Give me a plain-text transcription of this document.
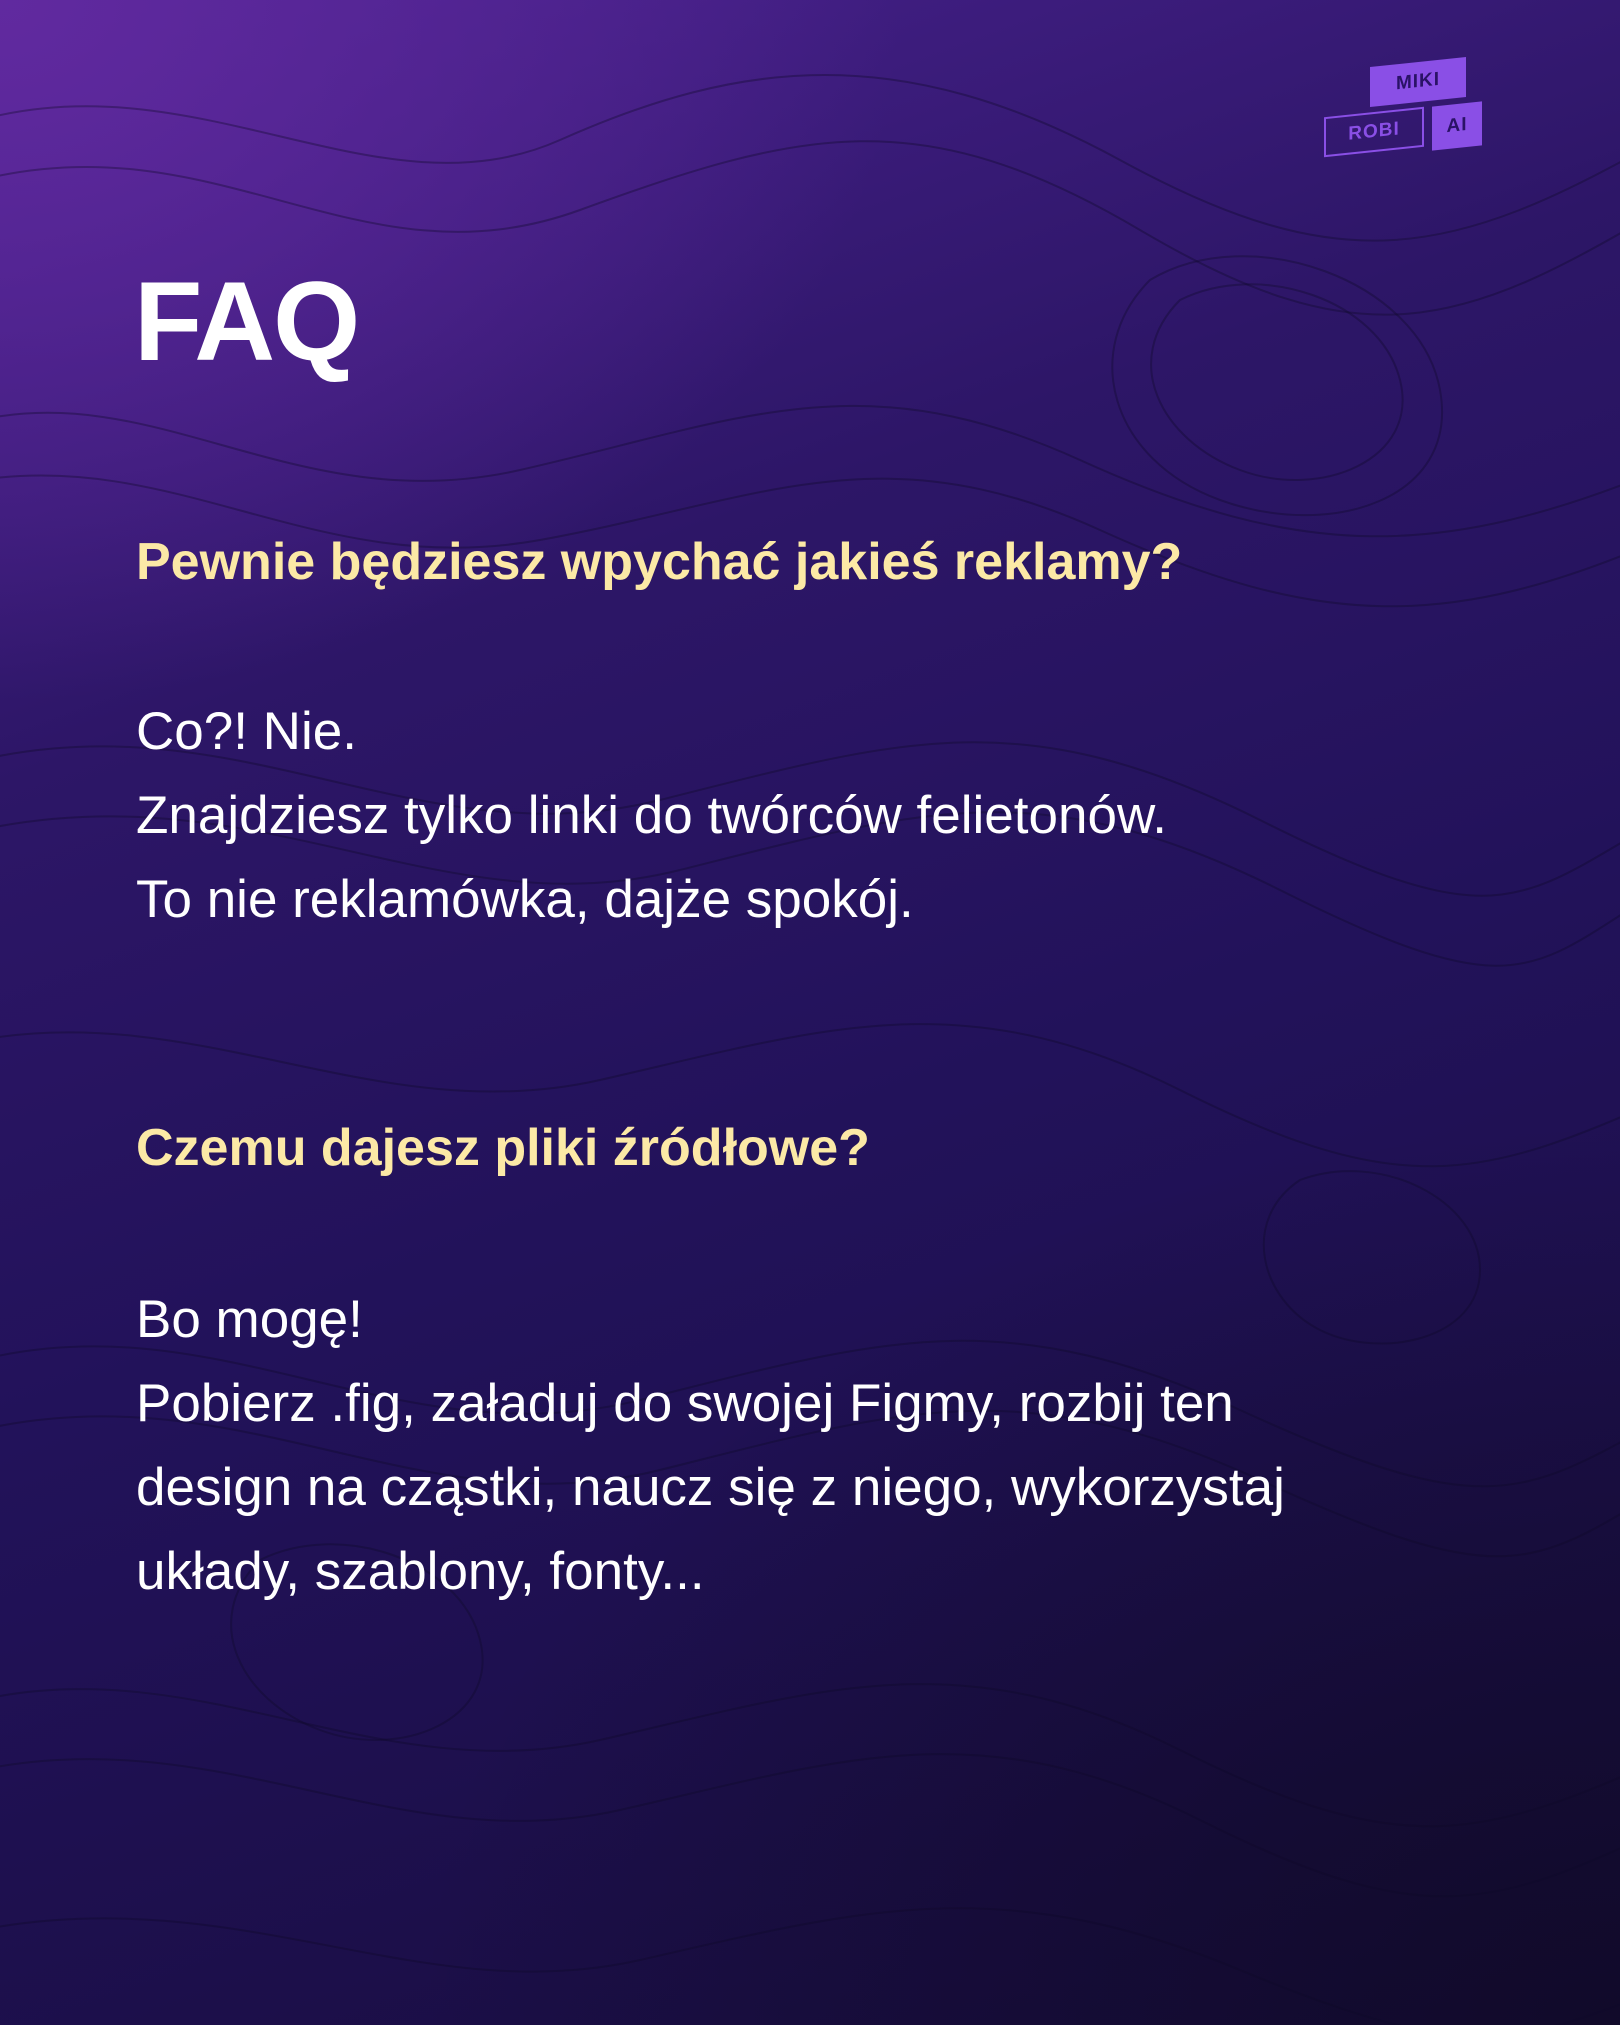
MIKI
ROBI	AI
FAQ
Pewnie będziesz wpychać jakieś reklamy?
Co?! Nie.
Znajdziesz tylko linki do twórców felietonów.
To nie reklamówka, dajże spokój.
Czemu dajesz pliki źródłowe?
Bo mogę!
Pobierz .fig, załaduj do swojej Figmy, rozbij ten
design na cząstki, naucz się z niego, wykorzystaj
układy, szablony, fonty...
